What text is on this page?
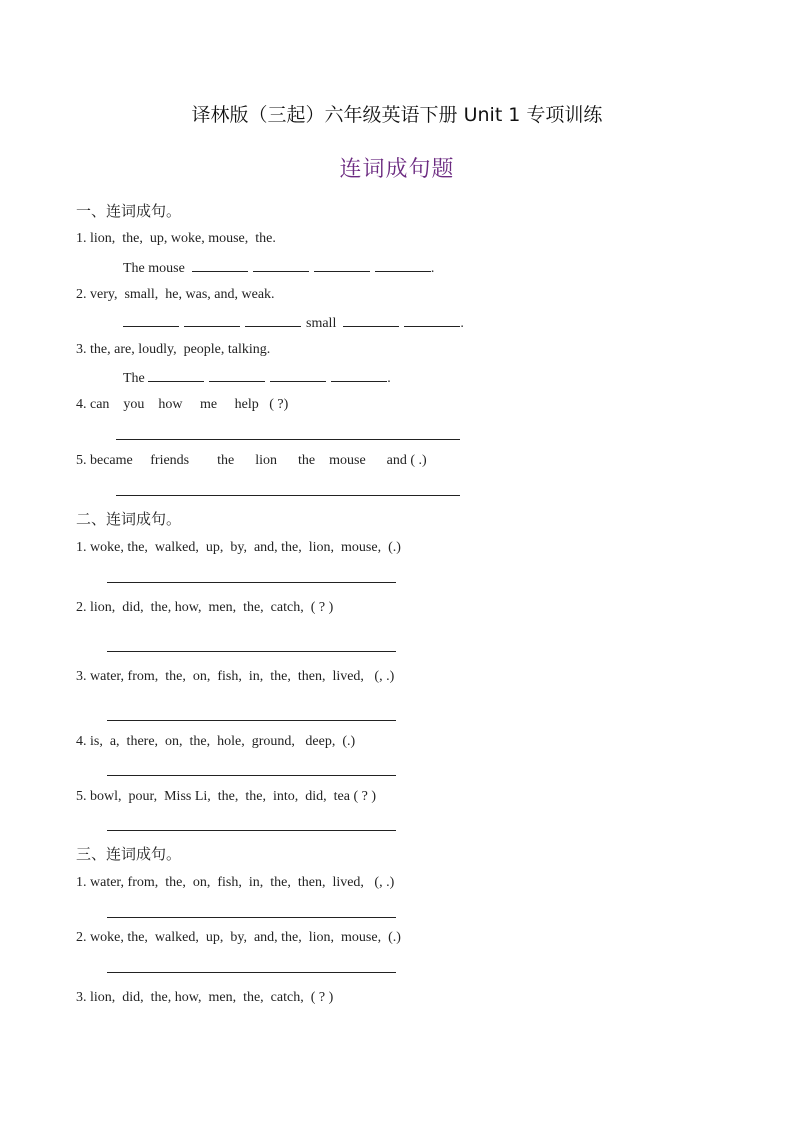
译林版（三起）六年级英语下册 Unit 1 专项训练
连词成句题
一、连词成句。
1. lion,  the,  up, woke, mouse,  the.
The mouse	.
2. very,  small,  he, was, and, weak.
small	.
3. the, are, loudly,  people, talking.
The	.
4. can    you    how     me     help   ( ?)
5. became     friends        the      lion      the    mouse      and ( .)
二、连词成句。
1. woke, the,  walked,  up,  by,  and, the,  lion,  mouse,  (.)
2. lion,  did,  the, how,  men,  the,  catch,  ( ? )
3. water, from,  the,  on,  fish,  in,  the,  then,  lived,   (, .)
4. is,  a,  there,  on,  the,  hole,  ground,   deep,  (.)
5. bowl,  pour,  Miss Li,  the,  the,  into,  did,  tea ( ? )
三、连词成句。
1. water, from,  the,  on,  fish,  in,  the,  then,  lived,   (, .)
2. woke, the,  walked,  up,  by,  and, the,  lion,  mouse,  (.)
3. lion,  did,  the, how,  men,  the,  catch,  ( ? )
